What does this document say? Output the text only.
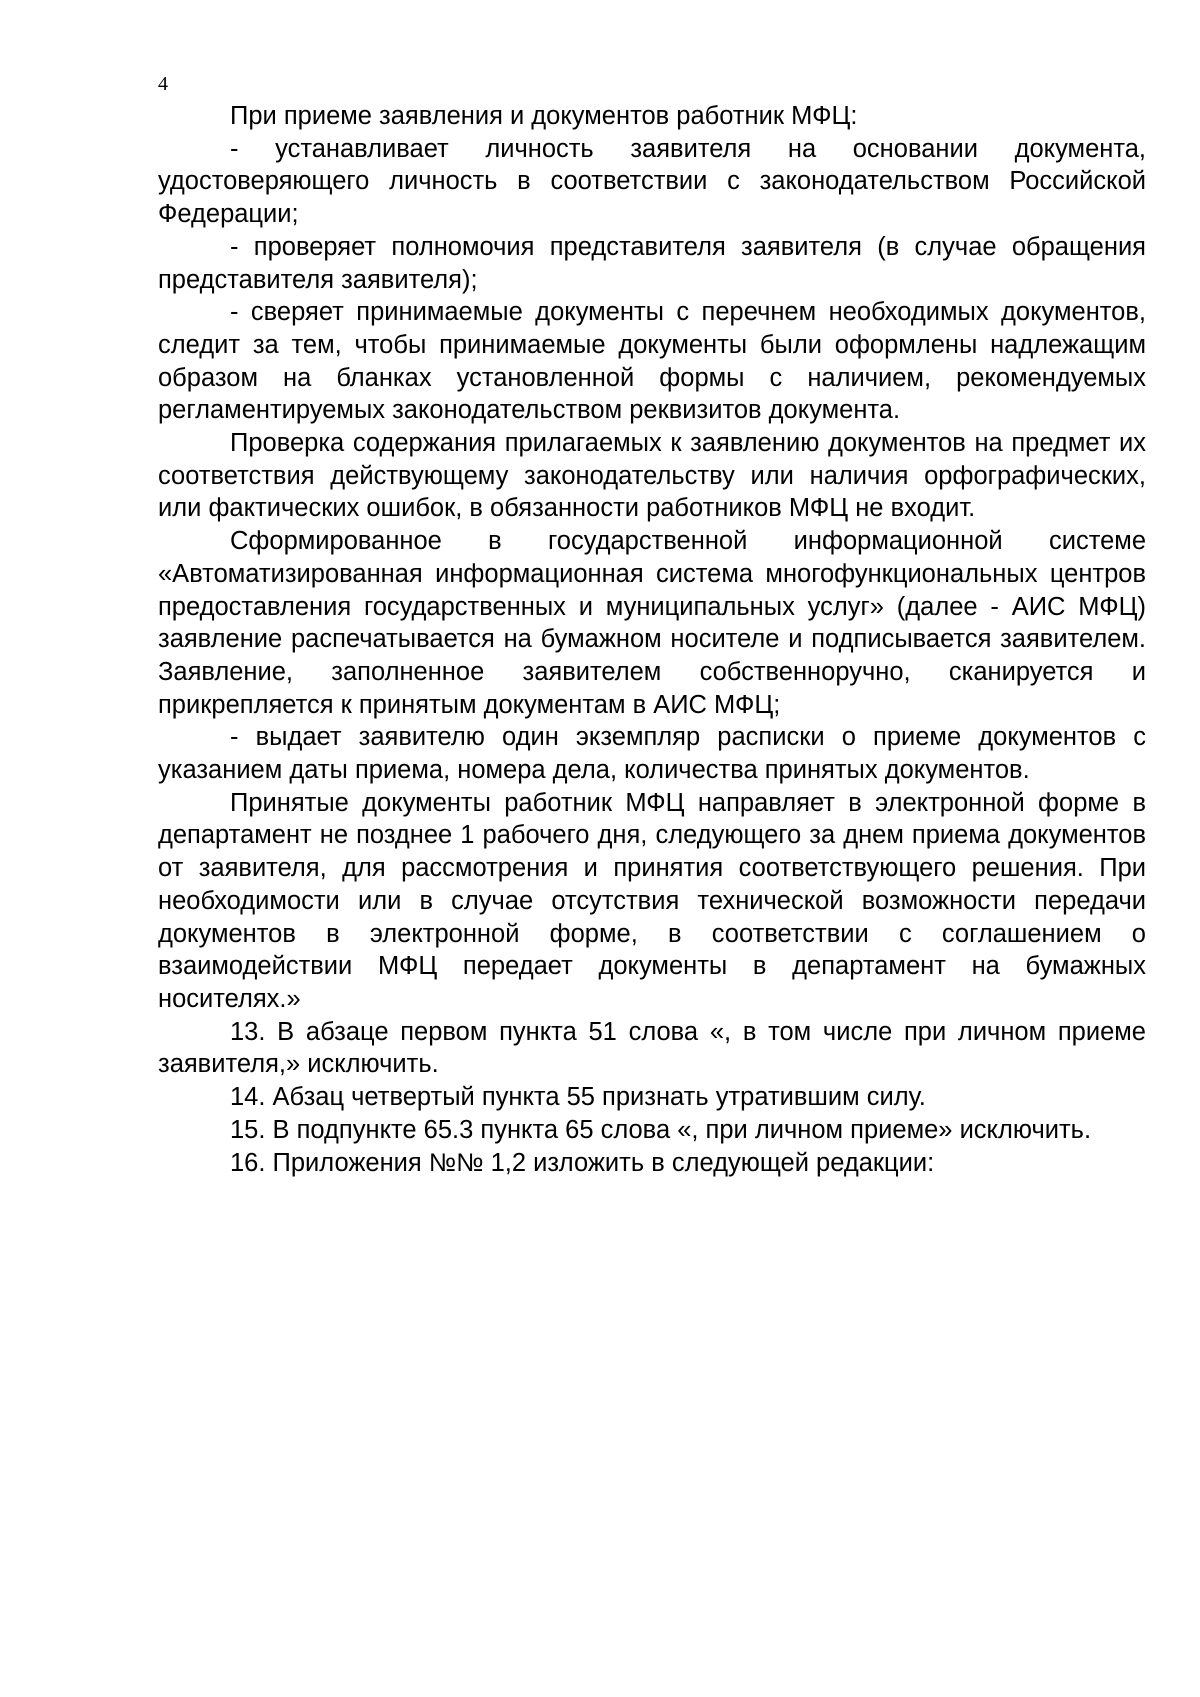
4

При приеме заявления и документов работник МФЦ:

- устанавливает личность заявителя на основании документа, удостоверяющего личность в соответствии с законодательством Российской Федерации;

- проверяет полномочия представителя заявителя (в случае обращения представителя заявителя);

- сверяет принимаемые документы с перечнем необходимых документов, следит за тем, чтобы принимаемые документы были оформлены надлежащим образом на бланках установленной формы с наличием, рекомендуемых регламентируемых законодательством реквизитов документа.

Проверка содержания прилагаемых к заявлению документов на предмет их соответствия действующему законодательству или наличия орфографических, или фактических ошибок, в обязанности работников МФЦ не входит.

Сформированное в государственной информационной системе «Автоматизированная информационная система многофункциональных центров предоставления государственных и муниципальных услуг» (далее - АИС МФЦ) заявление распечатывается на бумажном носителе и подписывается заявителем. Заявление, заполненное заявителем собственноручно, сканируется и прикрепляется к принятым документам в АИС МФЦ;

- выдает заявителю один экземпляр расписки о приеме документов с указанием даты приема, номера дела, количества принятых документов.

Принятые документы работник МФЦ направляет в электронной форме в департамент не позднее 1 рабочего дня, следующего за днем приема документов от заявителя, для рассмотрения и принятия соответствующего решения. При необходимости или в случае отсутствия технической возможности передачи документов в электронной форме, в соответствии с соглашением о взаимодействии МФЦ передает документы в департамент на бумажных носителях.»

13. В абзаце первом пункта 51 слова «, в том числе при личном приеме заявителя,» исключить.

14. Абзац четвертый пункта 55 признать утратившим силу.

15. В подпункте 65.3 пункта 65 слова «, при личном приеме» исключить.

16. Приложения №№ 1,2 изложить в следующей редакции:
